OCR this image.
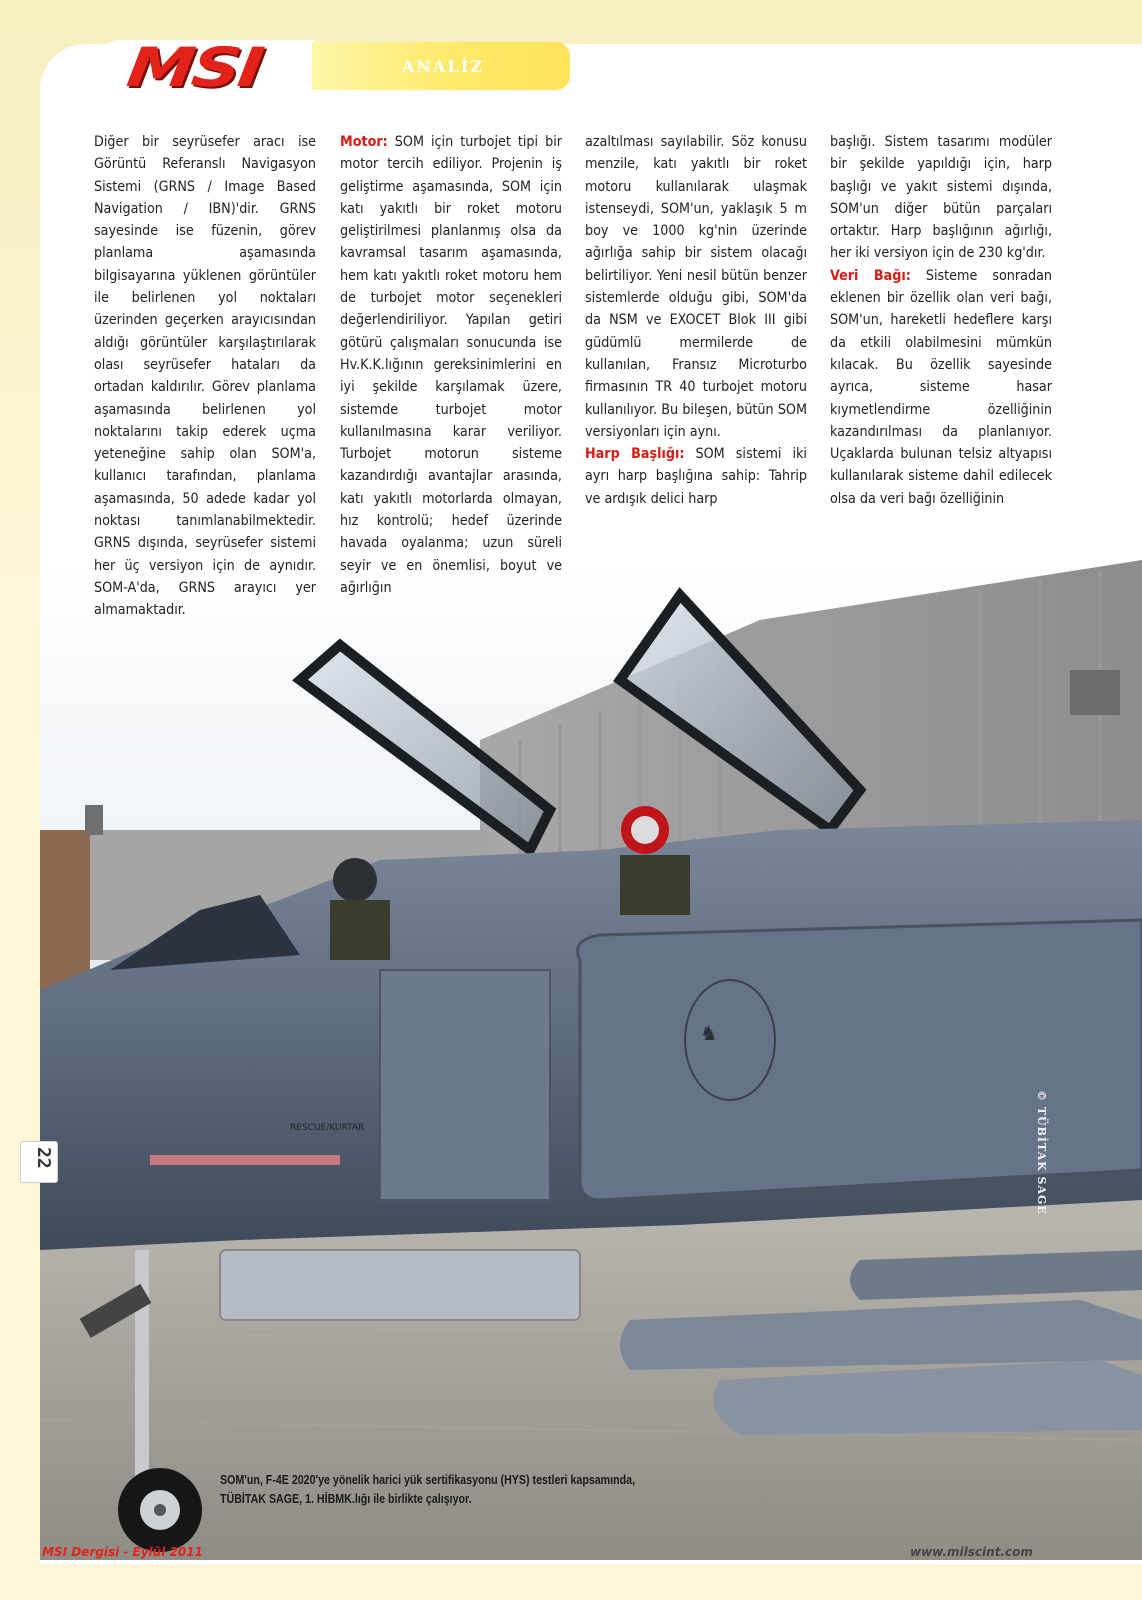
MSI	ANALİZ
♞
RESCUE/KURTAR

Diğer bir seyrüsefer aracı ise Görüntü Referanslı Navigasyon Sistemi (GRNS / Image Based Navigation / IBN)'dir. GRNS sayesinde ise füzenin, görev planlama aşamasında bilgisayarına yüklenen görüntüler ile belirlenen yol noktaları üzerinden geçerken arayıcısından aldığı görüntüler karşılaştırılarak olası seyrüsefer hataları da ortadan kaldırılır. Görev planlama aşamasında belirlenen yol noktalarını takip ederek uçma yeteneğine sahip olan SOM'a, kullanıcı tarafından, planlama aşamasında, 50 adede kadar yol noktası tanımlanabilmektedir. GRNS dışında, seyrüsefer sistemi her üç versiyon için de aynıdır. SOM-A'da, GRNS arayıcı yer almamaktadır.

Motor: SOM için turbojet tipi bir motor tercih ediliyor. Projenin iş geliştirme aşamasında, SOM için katı yakıtlı bir roket motoru geliştirilmesi planlanmış olsa da kavramsal tasarım aşamasında, hem katı yakıtlı roket motoru hem de turbojet motor seçenekleri değerlendiriliyor. Yapılan getiri götürü çalışmaları sonucunda ise Hv.K.K.lığının gereksinimlerini en iyi şekilde karşılamak üzere, sistemde turbojet motor kullanılmasına karar veriliyor. Turbojet motorun sisteme kazandırdığı avantajlar arasında, katı yakıtlı motorlarda olmayan, hız kontrolü; hedef üzerinde havada oyalanma; uzun süreli seyir ve en önemlisi, boyut ve ağırlığın

azaltılması sayılabilir. Söz konusu menzile, katı yakıtlı bir roket motoru kullanılarak ulaşmak istenseydi, SOM'un, yaklaşık 5 m boy ve 1000 kg'nin üzerinde ağırlığa sahip bir sistem olacağı belirtiliyor. Yeni nesil bütün benzer sistemlerde olduğu gibi, SOM'da da NSM ve EXOCET Blok III gibi güdümlü mermilerde de kullanılan, Fransız Microturbo firmasının TR 40 turbojet motoru kullanılıyor. Bu bileşen, bütün SOM versiyonları için aynı.

Harp Başlığı: SOM sistemi iki ayrı harp başlığına sahip: Tahrip ve ardışık delici harp

başlığı. Sistem tasarımı modüler bir şekilde yapıldığı için, harp başlığı ve yakıt sistemi dışında, SOM'un diğer bütün parçaları ortaktır. Harp başlığının ağırlığı, her iki versiyon için de 230 kg'dır.

Veri Bağı: Sisteme sonradan eklenen bir özellik olan veri bağı, SOM'un, hareketli hedeflere karşı da etkili olabilmesini mümkün kılacak. Bu özellik sayesinde ayrıca, sisteme hasar kıymetlendirme özelliğinin kazandırılması da planlanıyor. Uçaklarda bulunan telsiz altyapısı kullanılarak sisteme dahil edilecek olsa da veri bağı özelliğinin

SOM'un, F-4E 2020'ye yönelik harici yük sertifikasyonu (HYS) testleri kapsamında,
TÜBİTAK SAGE, 1. HİBMK.lığı ile birlikte çalışıyor.
© TÜBİTAK SAGE
22
MSI Dergisi - Eylül 2011	www.milscint.com
